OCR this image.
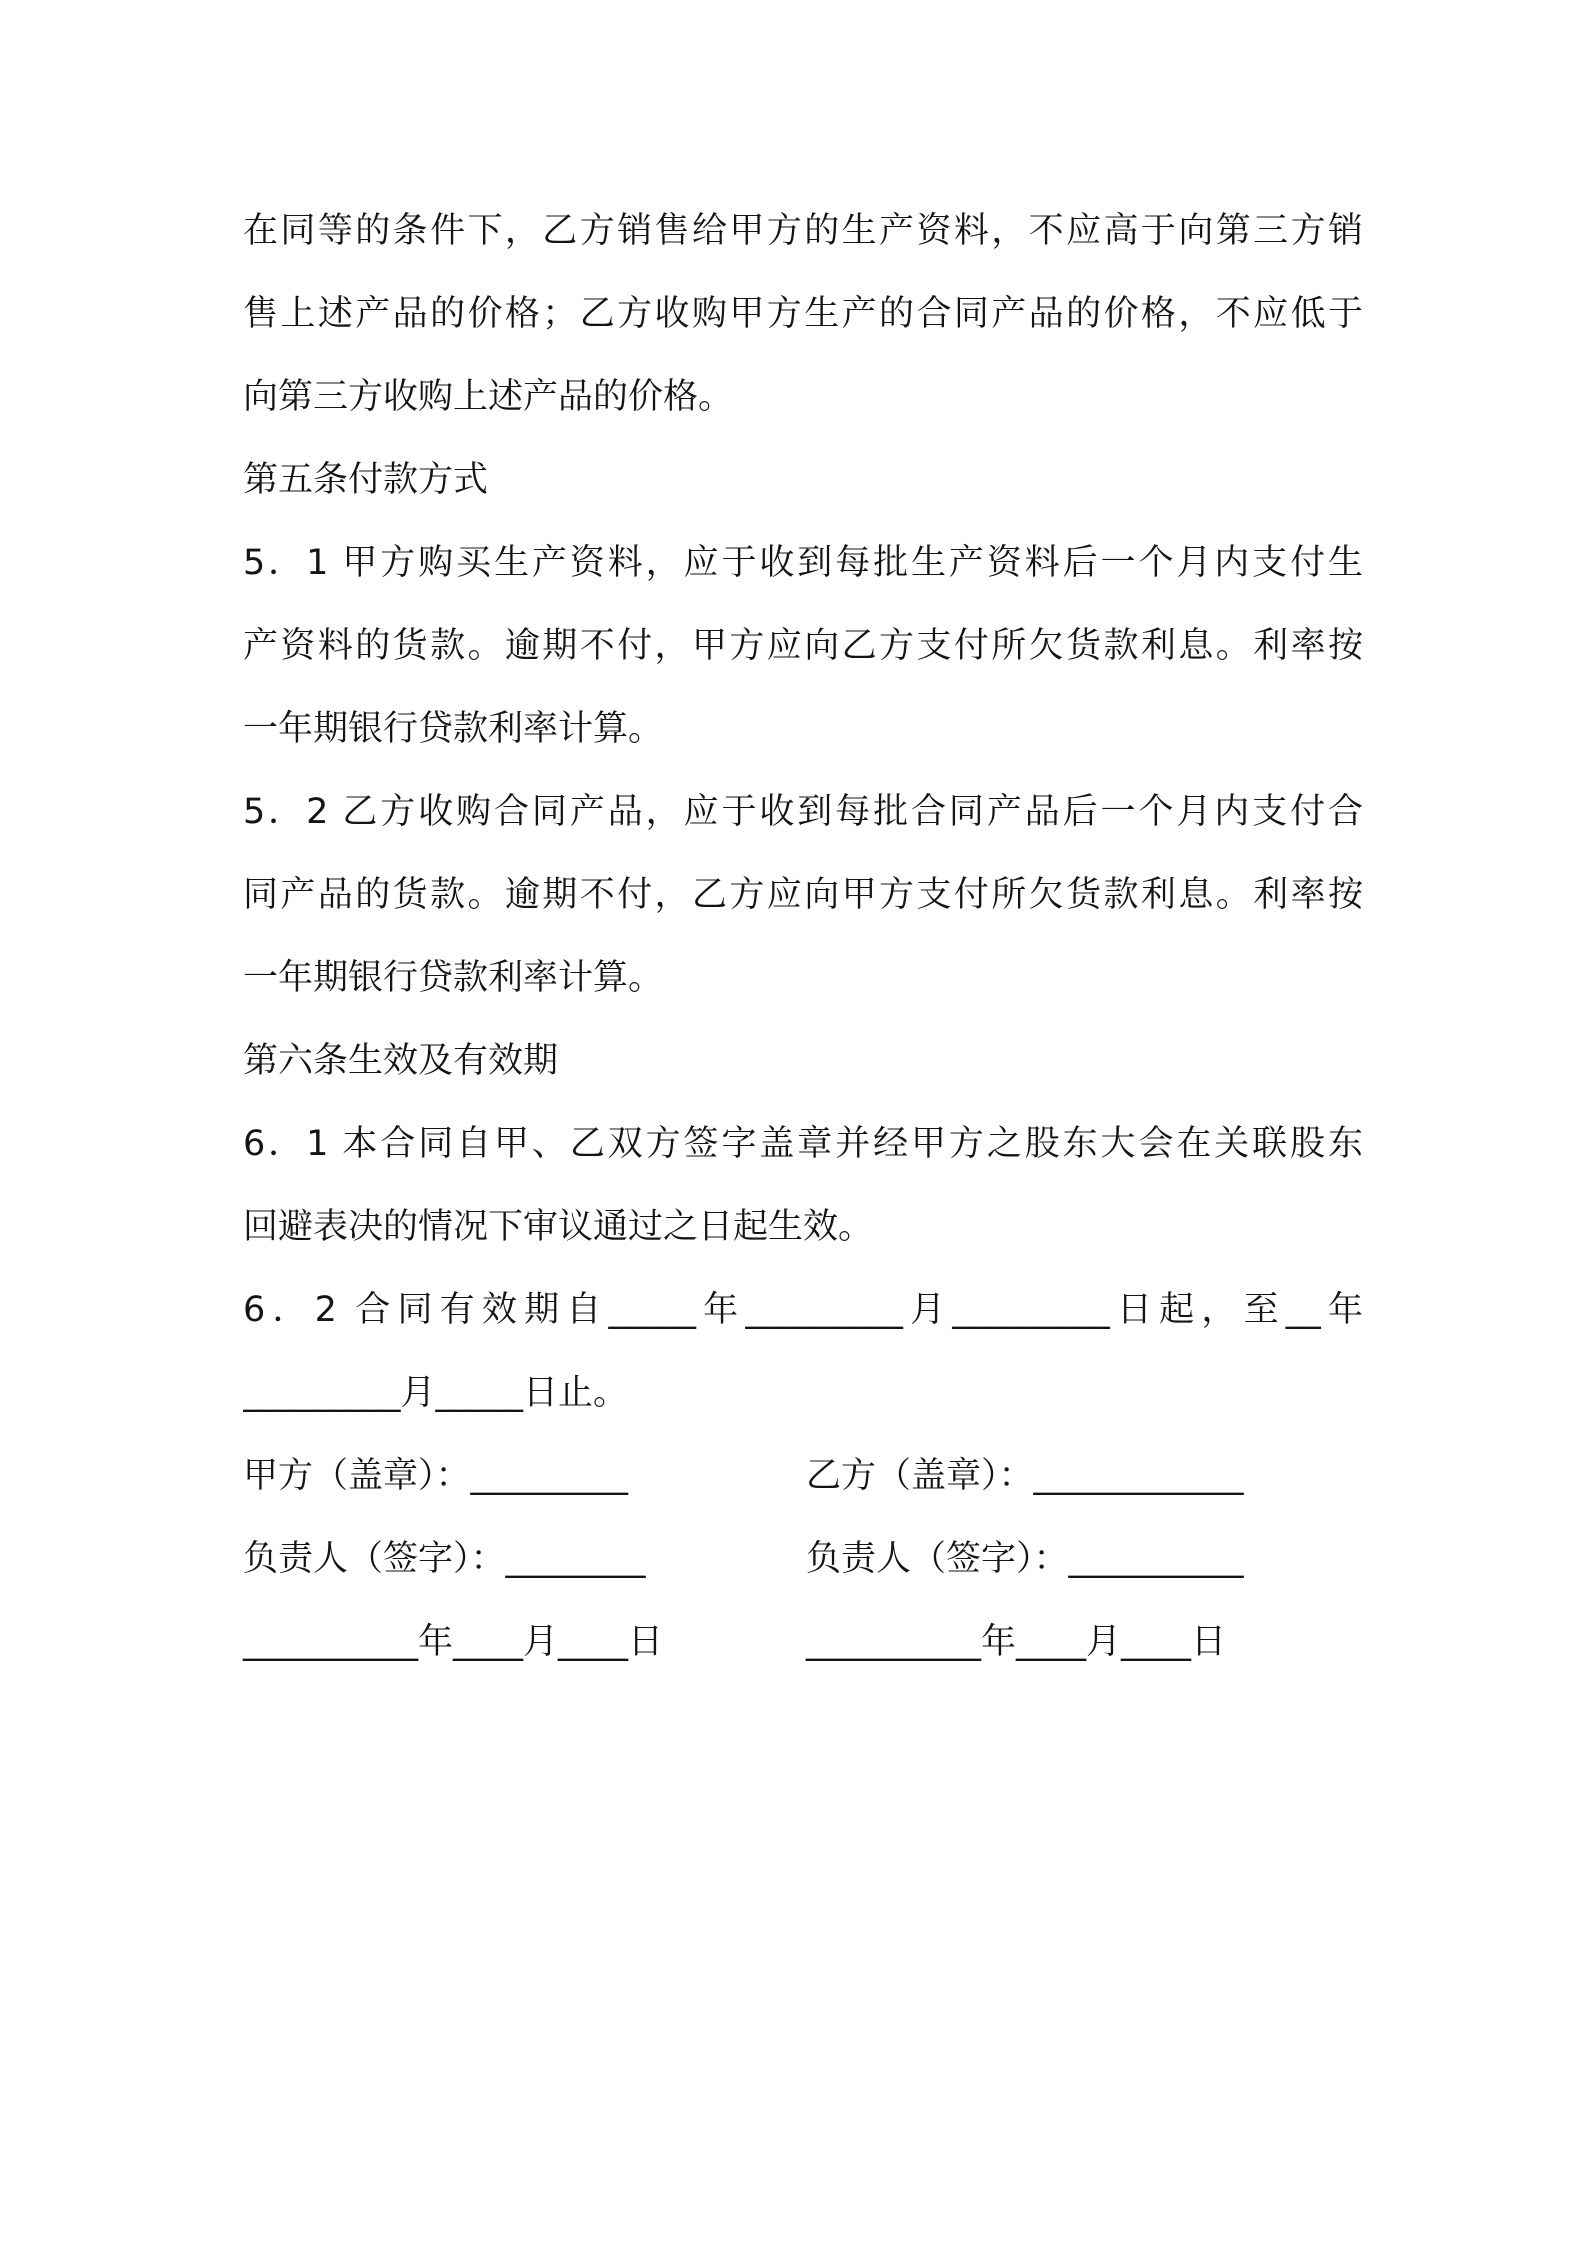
在同等的条件下，乙方销售给甲方的生产资料，不应高于向第三方销
售上述产品的价格；乙方收购甲方生产的合同产品的价格，不应低于
向第三方收购上述产品的价格。
第五条付款方式
5．1 甲方购买生产资料，应于收到每批生产资料后一个月内支付生
产资料的货款。逾期不付，甲方应向乙方支付所欠货款利息。利率按
一年期银行贷款利率计算。
5．2 乙方收购合同产品，应于收到每批合同产品后一个月内支付合
同产品的货款。逾期不付，乙方应向甲方支付所欠货款利息。利率按
一年期银行贷款利率计算。
第六条生效及有效期
6．1 本合同自甲、乙双方签字盖章并经甲方之股东大会在关联股东
回避表决的情况下审议通过之日起生效。
6．2 合同有效期自_____年_________月_________日起，至__年
_________月_____日止。
甲方（盖章）：_________	乙方（盖章）：____________
负责人（签字）：________	负责人（签字）：__________
__________年____月____日	__________年____月____日
